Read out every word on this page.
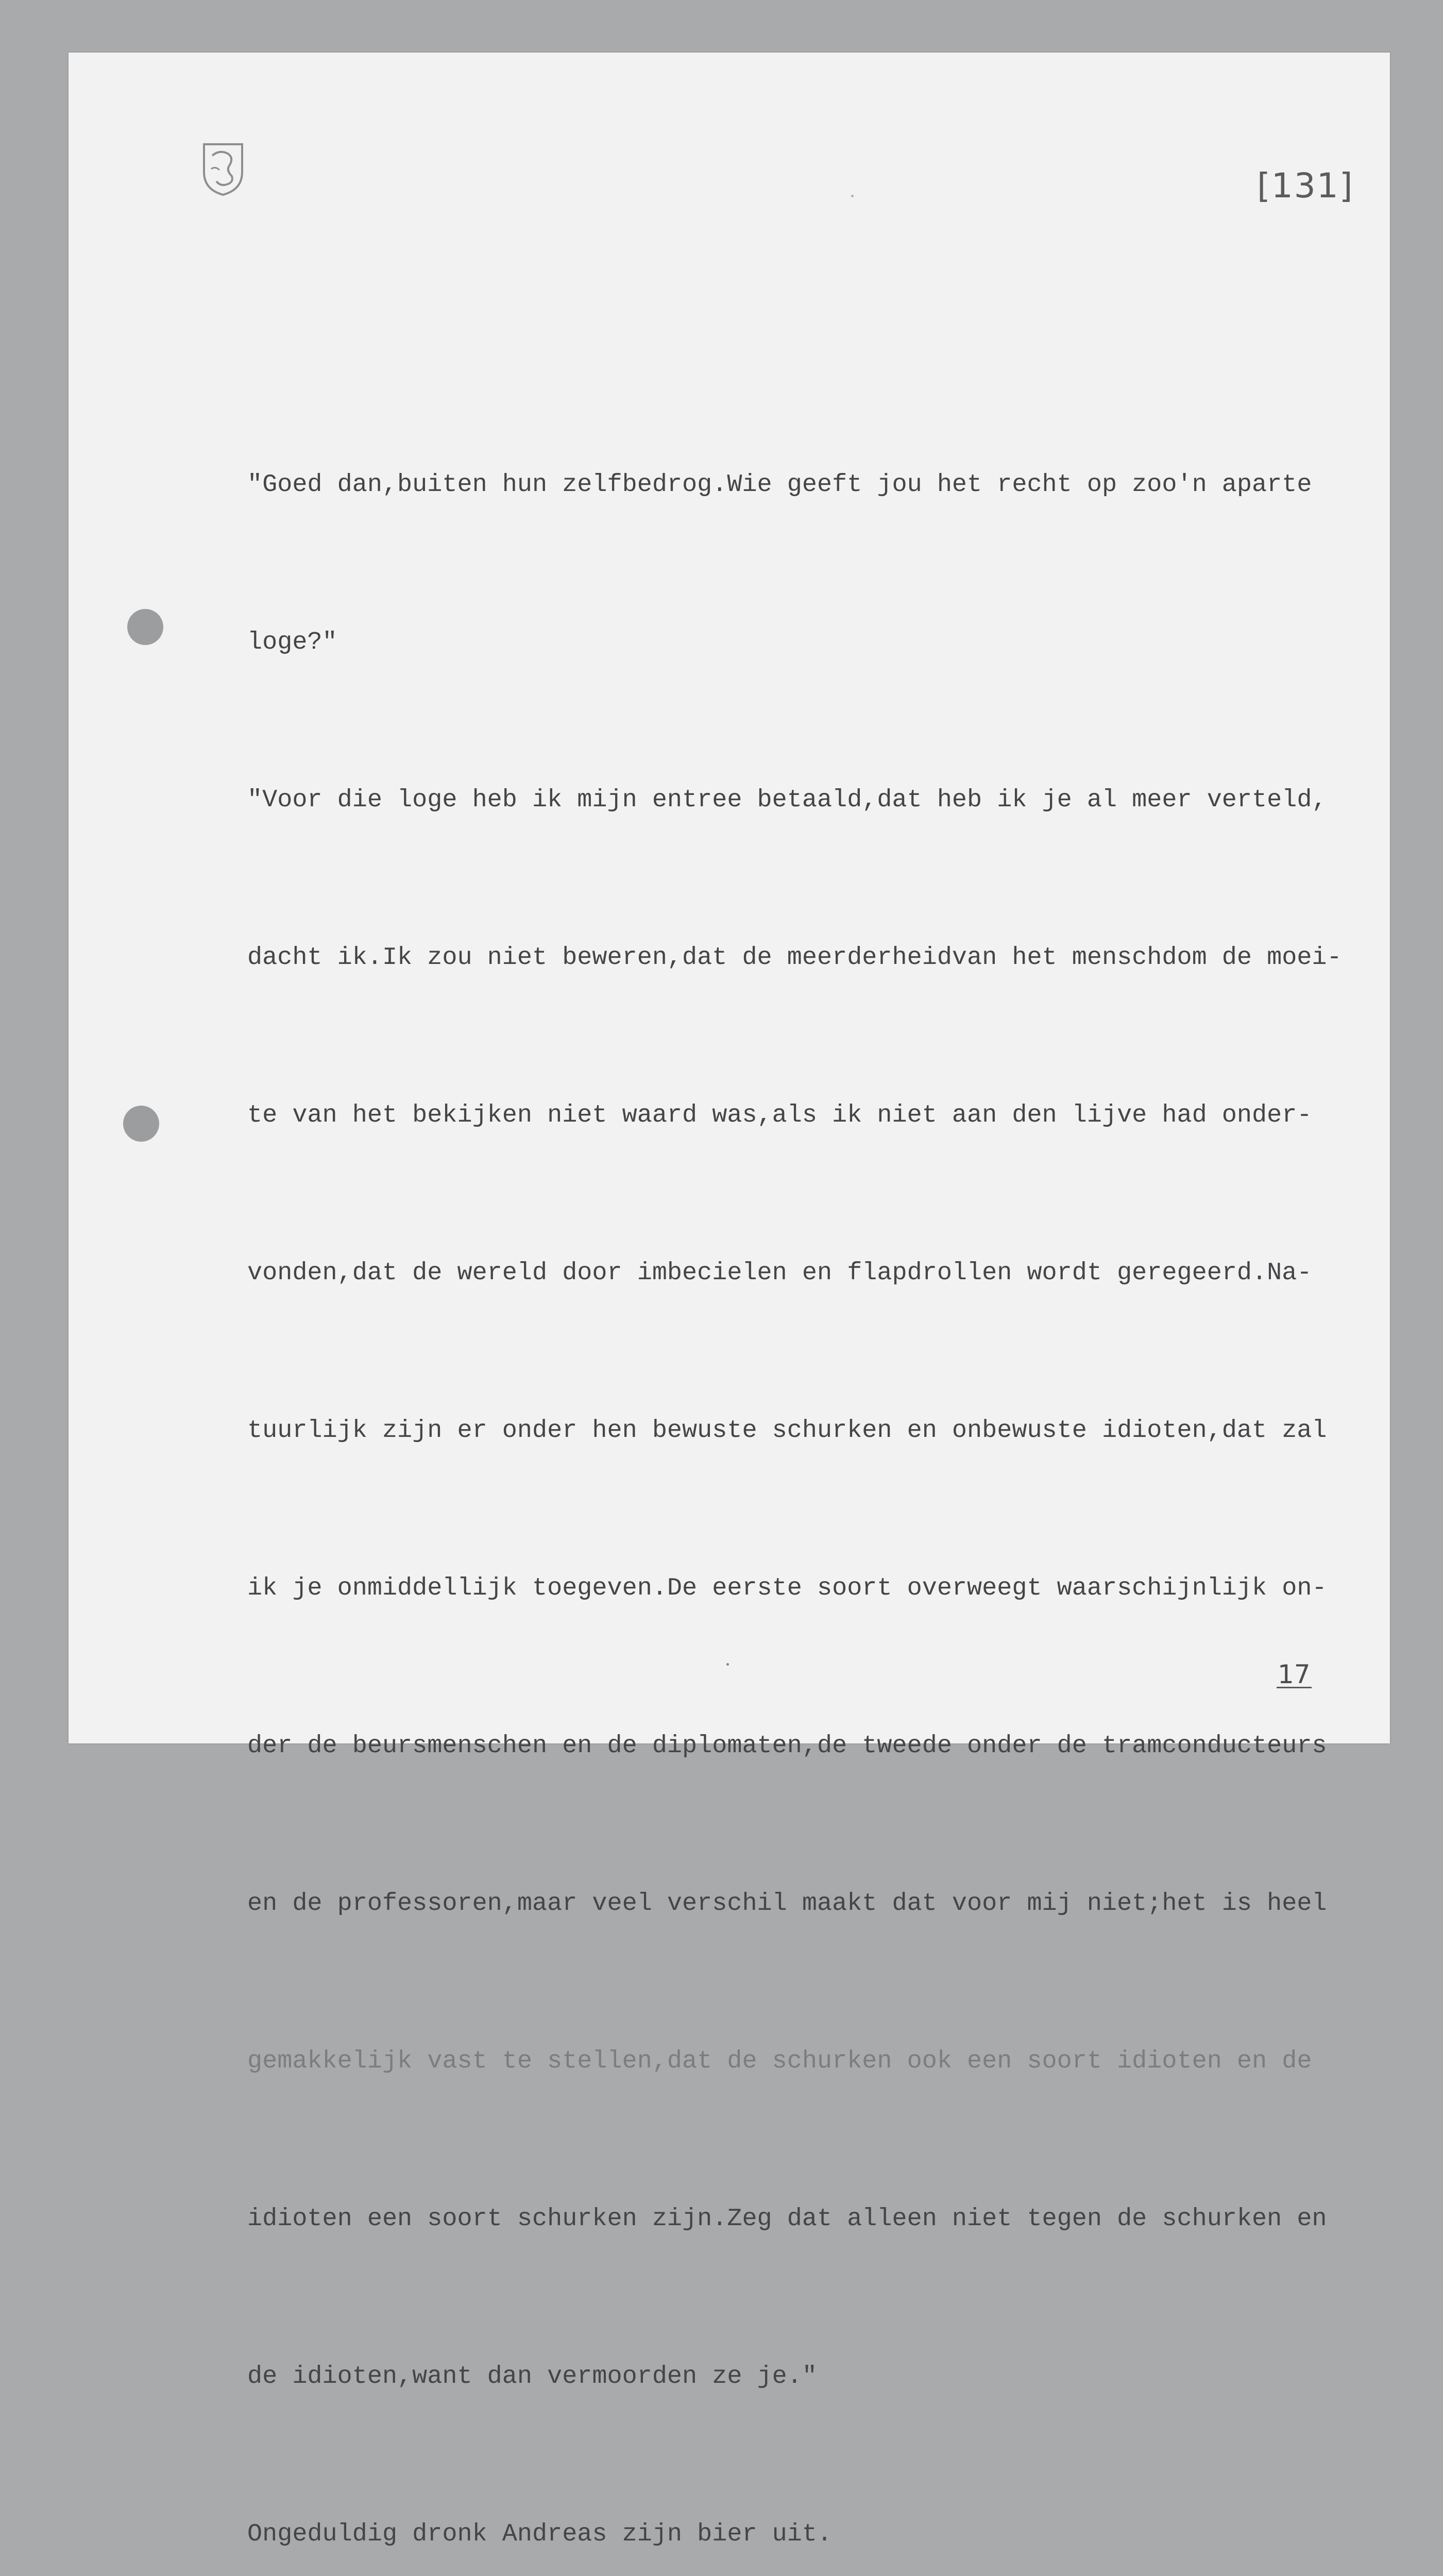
[131]

"Goed dan,buiten hun zelfbedrog.Wie geeft jou het recht op zoo'n aparte

loge?"

"Voor die loge heb ik mijn entree betaald,dat heb ik je al meer verteld,

dacht ik.Ik zou niet beweren,dat de meerderheidvan het menschdom de moei-

te van het bekijken niet waard was,als ik niet aan den lijve had onder-

vonden,dat de wereld door imbecielen en flapdrollen wordt geregeerd.Na-

tuurlijk zijn er onder hen bewuste schurken en onbewuste idioten,dat zal

ik je onmiddellijk toegeven.De eerste soort overweegt waarschijnlijk on-

der de beursmenschen en de diplomaten,de tweede onder de tramconducteurs

en de professoren,maar veel verschil maakt dat voor mij niet;het is heel

gemakkelijk vast te stellen,dat de schurken ook een soort idioten en de

idioten een soort schurken zijn.Zeg dat alleen niet tegen de schurken en

de idioten,want dan vermoorden ze je."

Ongeduldig dronk Andreas zijn bier uit.

17
